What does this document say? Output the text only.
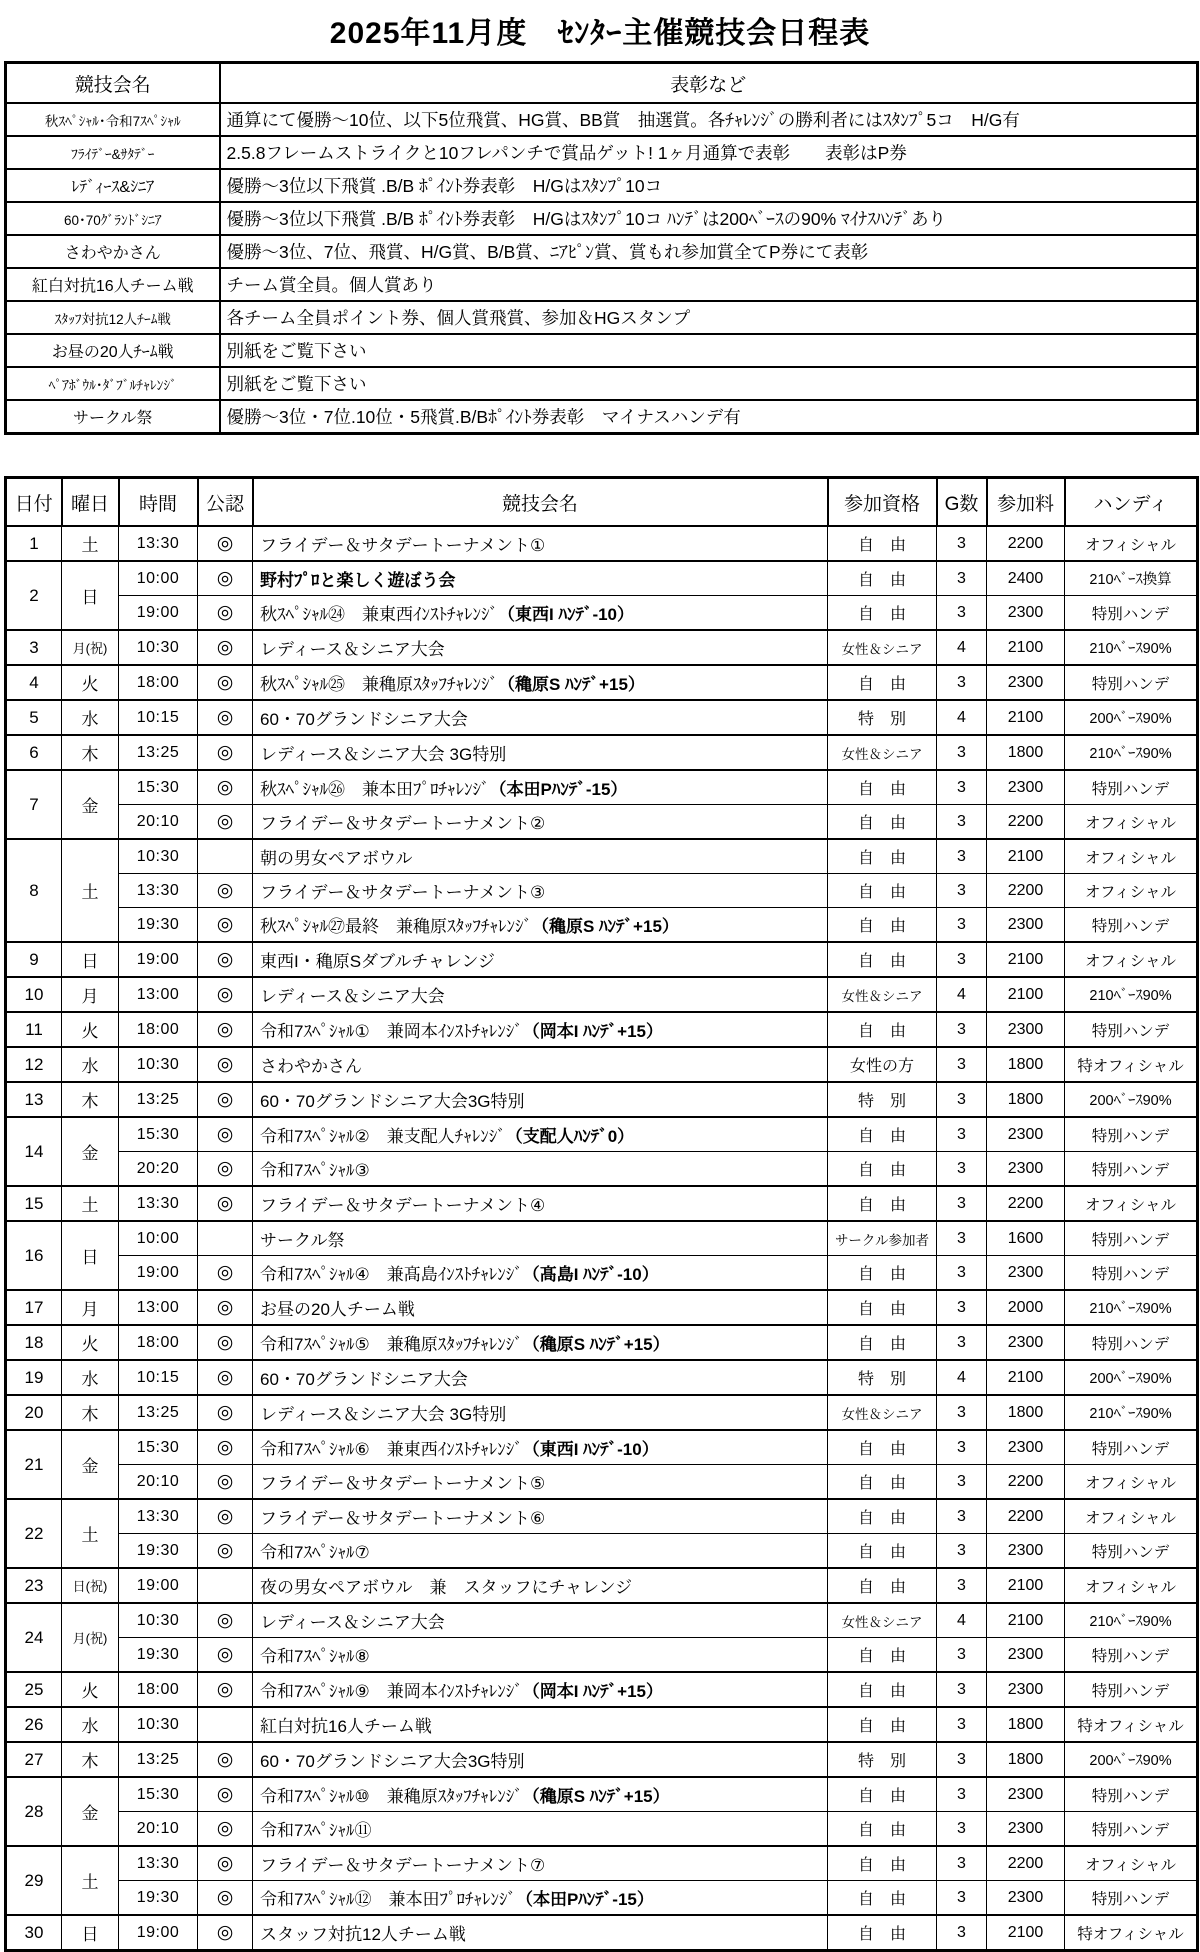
2025年11月度　ｾﾝﾀｰ主催競技会日程表
競技会名	表彰など
秋ｽﾍﾟｼｬﾙ･令和7ｽﾍﾟｼｬﾙ	通算にて優勝～10位、以下5位飛賞、HG賞、BB賞　抽選賞。各ﾁｬﾚﾝｼﾞの勝利者にはｽﾀﾝﾌﾟ5コ　H/G有
ﾌﾗｲﾃﾞｰ&ｻﾀﾃﾞｰ	2.5.8フレームストライクと10フレパンチで賞品ゲット! 1ヶ月通算で表彰　　表彰はP券
ﾚﾃﾞｨｰｽ&ｼﾆｱ	優勝～3位以下飛賞 .B/B ﾎﾟｲﾝﾄ券表彰　H/Gはｽﾀﾝﾌﾟ10コ
60･70ｸﾞﾗﾝﾄﾞｼﾆｱ	優勝～3位以下飛賞 .B/B ﾎﾟｲﾝﾄ券表彰　H/Gはｽﾀﾝﾌﾟ10コ ﾊﾝﾃﾞは200ﾍﾞｰｽの90% ﾏｲﾅｽﾊﾝﾃﾞあり
さわやかさん	優勝～3位、7位、飛賞、H/G賞、B/B賞、ﾆｱﾋﾟﾝ賞、賞もれ参加賞全てP券にて表彰
紅白対抗16人チーム戦	チーム賞全員。個人賞あり
ｽﾀｯﾌ対抗12人ﾁｰﾑ戦	各チーム全員ポイント券、個人賞飛賞、参加＆HGスタンプ
お昼の20人ﾁｰﾑ戦	別紙をご覧下さい
ﾍﾟｱﾎﾞｳﾙ･ﾀﾞﾌﾞﾙﾁｬﾚﾝｼﾞ	別紙をご覧下さい
サークル祭	優勝～3位・7位.10位・5飛賞.B/Bﾎﾟｲﾝﾄ券表彰　マイナスハンデ有
日付	曜日	時間	公認	競技会名	参加資格	G数	参加料	ハンディ
1	土	13:30	◎	フライデー＆サタデートーナメント①	自　由	3	2200	オフィシャル
2	日	10:00	◎	野村ﾌﾟﾛと楽しく遊ぼう会	自　由	3	2400	210ﾍﾞｰｽ換算
		19:00	◎	秋ｽﾍﾟｼｬﾙ㉔　兼東西ｲﾝｽﾄﾁｬﾚﾝｼﾞ（東西I ﾊﾝﾃﾞ-10）	自　由	3	2300	特別ハンデ
3	月(祝)	10:30	◎	レディース＆シニア大会	女性＆シニア	4	2100	210ﾍﾞｰｽ90%
4	火	18:00	◎	秋ｽﾍﾟｼｬﾙ㉕　兼穐原ｽﾀｯﾌﾁｬﾚﾝｼﾞ（穐原S ﾊﾝﾃﾞ+15）	自　由	3	2300	特別ハンデ
5	水	10:15	◎	60・70グランドシニア大会	特　別	4	2100	200ﾍﾞｰｽ90%
6	木	13:25	◎	レディース＆シニア大会 3G特別	女性＆シニア	3	1800	210ﾍﾞｰｽ90%
7	金	15:30	◎	秋ｽﾍﾟｼｬﾙ㉖　兼本田ﾌﾟﾛﾁｬﾚﾝｼﾞ（本田Pﾊﾝﾃﾞ-15）	自　由	3	2300	特別ハンデ
		20:10	◎	フライデー＆サタデートーナメント②	自　由	3	2200	オフィシャル
8	土	10:30		朝の男女ペアボウル	自　由	3	2100	オフィシャル
		13:30	◎	フライデー＆サタデートーナメント③	自　由	3	2200	オフィシャル
		19:30	◎	秋ｽﾍﾟｼｬﾙ㉗最終　兼穐原ｽﾀｯﾌﾁｬﾚﾝｼﾞ（穐原S ﾊﾝﾃﾞ+15）	自　由	3	2300	特別ハンデ
9	日	19:00	◎	東西I・穐原Sダブルチャレンジ	自　由	3	2100	オフィシャル
10	月	13:00	◎	レディース＆シニア大会	女性＆シニア	4	2100	210ﾍﾞｰｽ90%
11	火	18:00	◎	令和7ｽﾍﾟｼｬﾙ①　兼岡本ｲﾝｽﾄﾁｬﾚﾝｼﾞ（岡本I ﾊﾝﾃﾞ+15）	自　由	3	2300	特別ハンデ
12	水	10:30	◎	さわやかさん	女性の方	3	1800	特オフィシャル
13	木	13:25	◎	60・70グランドシニア大会3G特別	特　別	3	1800	200ﾍﾞｰｽ90%
14	金	15:30	◎	令和7ｽﾍﾟｼｬﾙ②　兼支配人ﾁｬﾚﾝｼﾞ（支配人ﾊﾝﾃﾞ0）	自　由	3	2300	特別ハンデ
		20:20	◎	令和7ｽﾍﾟｼｬﾙ③	自　由	3	2300	特別ハンデ
15	土	13:30	◎	フライデー＆サタデートーナメント④	自　由	3	2200	オフィシャル
16	日	10:00		サークル祭	サークル参加者	3	1600	特別ハンデ
		19:00	◎	令和7ｽﾍﾟｼｬﾙ④　兼髙島ｲﾝｽﾄﾁｬﾚﾝｼﾞ（髙島I ﾊﾝﾃﾞ-10）	自　由	3	2300	特別ハンデ
17	月	13:00	◎	お昼の20人チーム戦	自　由	3	2000	210ﾍﾞｰｽ90%
18	火	18:00	◎	令和7ｽﾍﾟｼｬﾙ⑤　兼穐原ｽﾀｯﾌﾁｬﾚﾝｼﾞ（穐原S ﾊﾝﾃﾞ+15）	自　由	3	2300	特別ハンデ
19	水	10:15	◎	60・70グランドシニア大会	特　別	4	2100	200ﾍﾞｰｽ90%
20	木	13:25	◎	レディース＆シニア大会 3G特別	女性＆シニア	3	1800	210ﾍﾞｰｽ90%
21	金	15:30	◎	令和7ｽﾍﾟｼｬﾙ⑥　兼東西ｲﾝｽﾄﾁｬﾚﾝｼﾞ（東西I ﾊﾝﾃﾞ-10）	自　由	3	2300	特別ハンデ
		20:10	◎	フライデー＆サタデートーナメント⑤	自　由	3	2200	オフィシャル
22	土	13:30	◎	フライデー＆サタデートーナメント⑥	自　由	3	2200	オフィシャル
		19:30	◎	令和7ｽﾍﾟｼｬﾙ⑦	自　由	3	2300	特別ハンデ
23	日(祝)	19:00		夜の男女ペアボウル　兼　スタッフにチャレンジ	自　由	3	2100	オフィシャル
24	月(祝)	10:30	◎	レディース＆シニア大会	女性＆シニア	4	2100	210ﾍﾞｰｽ90%
		19:30	◎	令和7ｽﾍﾟｼｬﾙ⑧	自　由	3	2300	特別ハンデ
25	火	18:00	◎	令和7ｽﾍﾟｼｬﾙ⑨　兼岡本ｲﾝｽﾄﾁｬﾚﾝｼﾞ（岡本I ﾊﾝﾃﾞ+15）	自　由	3	2300	特別ハンデ
26	水	10:30		紅白対抗16人チーム戦	自　由	3	1800	特オフィシャル
27	木	13:25	◎	60・70グランドシニア大会3G特別	特　別	3	1800	200ﾍﾞｰｽ90%
28	金	15:30	◎	令和7ｽﾍﾟｼｬﾙ⑩　兼穐原ｽﾀｯﾌﾁｬﾚﾝｼﾞ（穐原S ﾊﾝﾃﾞ+15）	自　由	3	2300	特別ハンデ
		20:10	◎	令和7ｽﾍﾟｼｬﾙ⑪	自　由	3	2300	特別ハンデ
29	土	13:30	◎	フライデー＆サタデートーナメント⑦	自　由	3	2200	オフィシャル
		19:30	◎	令和7ｽﾍﾟｼｬﾙ⑫　兼本田ﾌﾟﾛﾁｬﾚﾝｼﾞ（本田Pﾊﾝﾃﾞ-15）	自　由	3	2300	特別ハンデ
30	日	19:00	◎	スタッフ対抗12人チーム戦	自　由	3	2100	特オフィシャル
